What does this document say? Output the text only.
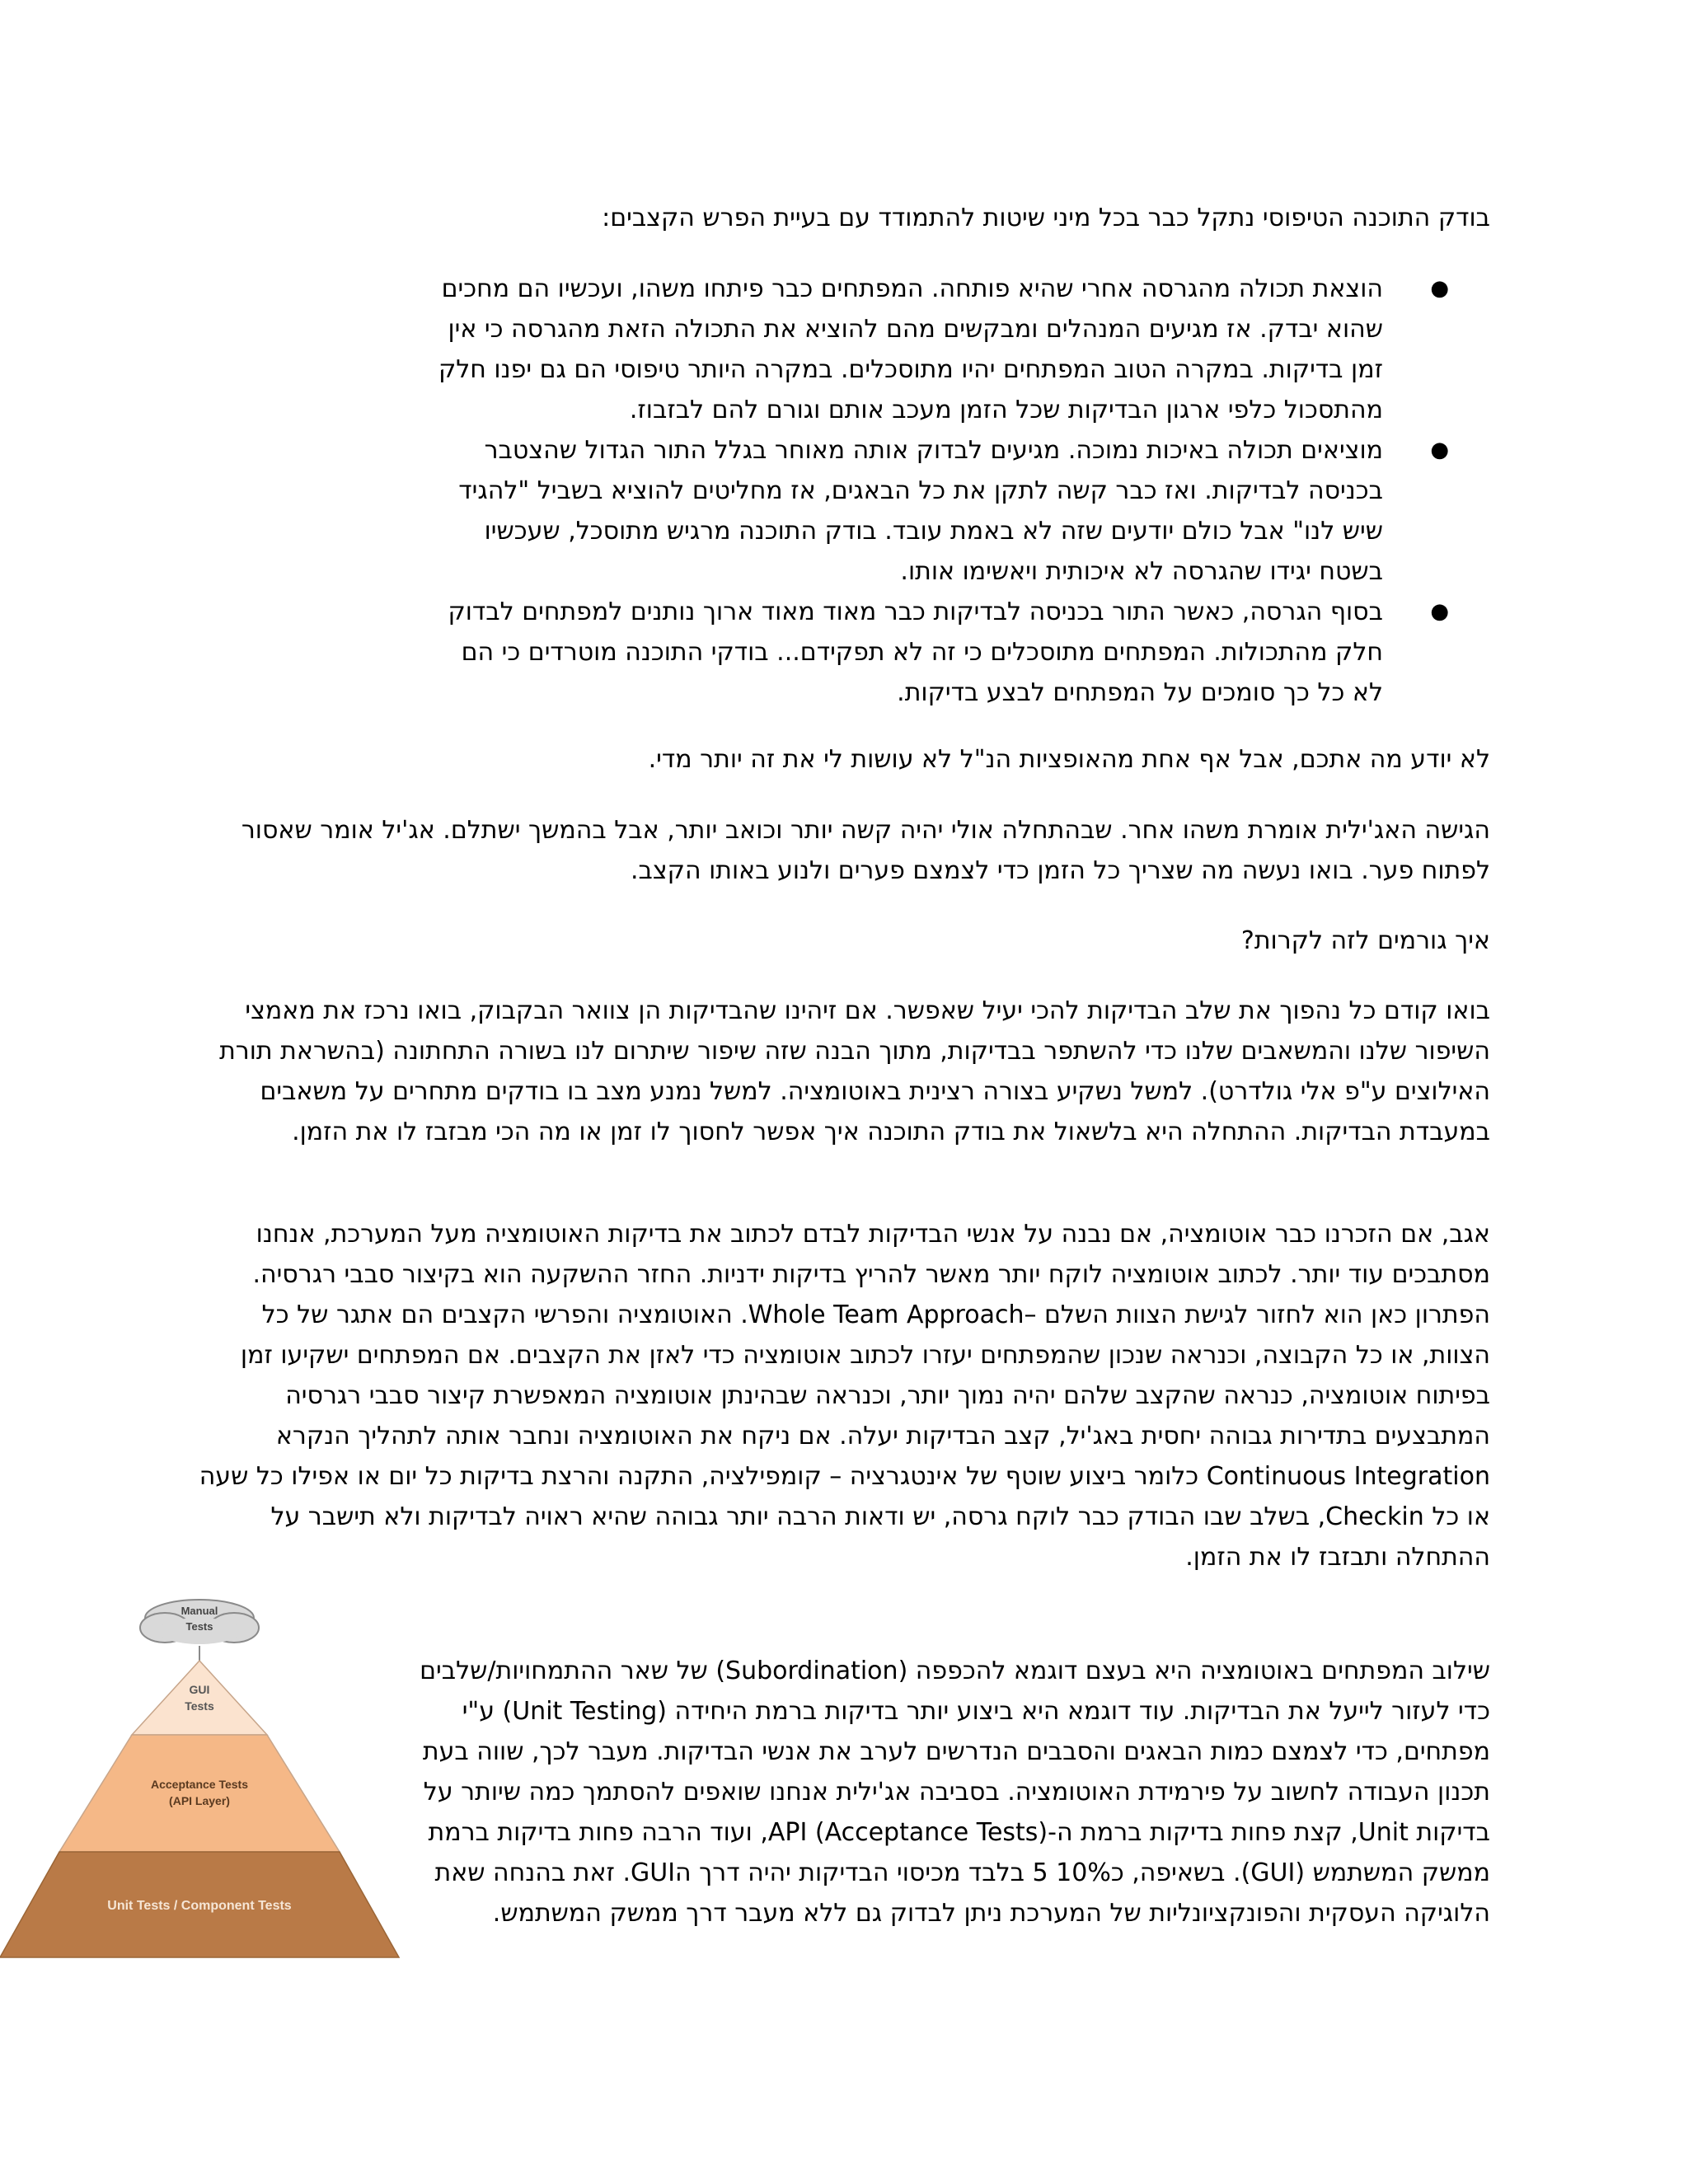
בודק התוכנה הטיפוסי נתקל כבר בכל מיני שיטות להתמודד עם בעיית הפרש הקצבים:

●
הוצאת תכולה מהגרסה אחרי שהיא פותחה. המפתחים כבר פיתחו משהו, ועכשיו הם מחכים שהוא יבדק. אז מגיעים המנהלים ומבקשים מהם להוציא את התכולה הזאת מהגרסה כי אין זמן בדיקות. במקרה הטוב המפתחים יהיו מתוסכלים. במקרה היותר טיפוסי הם גם יפנו חלק מהתסכול כלפי ארגון הבדיקות שכל הזמן מעכב אותם וגורם להם לבזבוז.
●
מוציאים תכולה באיכות נמוכה. מגיעים לבדוק אותה מאוחר בגלל התור הגדול שהצטבר בכניסה לבדיקות. ואז כבר קשה לתקן את כל הבאגים, אז מחליטים להוציא בשביל "להגיד שיש לנו" אבל כולם יודעים שזה לא באמת עובד. בודק התוכנה מרגיש מתוסכל, שעכשיו בשטח יגידו שהגרסה לא איכותית ויאשימו אותו.
●
בסוף הגרסה, כאשר התור בכניסה לבדיקות כבר מאוד מאוד ארוך נותנים למפתחים לבדוק חלק מהתכולות. המפתחים מתוסכלים כי זה לא תפקידם... בודקי התוכנה מוטרדים כי הם לא כל כך סומכים על המפתחים לבצע בדיקות.

לא יודע מה אתכם, אבל אף אחת מהאופציות הנ"ל לא עושות לי את זה יותר מדי.

הגישה האג'ילית אומרת משהו אחר. שבהתחלה אולי יהיה קשה יותר וכואב יותר, אבל בהמשך ישתלם. אג'יל אומר שאסור לפתוח פער. בואו נעשה מה שצריך כל הזמן כדי לצמצם פערים ולנוע באותו הקצב.

איך גורמים לזה לקרות?

בואו קודם כל נהפוך את שלב הבדיקות להכי יעיל שאפשר. אם זיהינו שהבדיקות הן צוואר הבקבוק, בואו נרכז את מאמצי השיפור שלנו והמשאבים שלנו כדי להשתפר בבדיקות, מתוך הבנה שזה שיפור שיתרום לנו בשורה התחתונה (בהשראת תורת האילוצים ע"פ אלי גולדרט). למשל נשקיע בצורה רצינית באוטומציה. למשל נמנע מצב בו בודקים מתחרים על משאבים במעבדת הבדיקות. ההתחלה היא בלשאול את בודק התוכנה איך אפשר לחסוך לו זמן או מה הכי מבזבז לו את הזמן.

אגב, אם הזכרנו כבר אוטומציה, אם נבנה על אנשי הבדיקות לבדם לכתוב את בדיקות האוטומציה מעל המערכת, אנחנו מסתבכים עוד יותר. לכתוב אוטומציה לוקח יותר מאשר להריץ בדיקות ידניות. החזר ההשקעה הוא בקיצור סבבי רגרסיה. הפתרון כאן הוא לחזור לגישת הצוות השלם –Whole Team Approach. האוטומציה והפרשי הקצבים הם אתגר של כל הצוות, או כל הקבוצה, וכנראה שנכון שהמפתחים יעזרו לכתוב אוטומציה כדי לאזן את הקצבים. אם המפתחים ישקיעו זמן בפיתוח אוטומציה, כנראה שהקצב שלהם יהיה נמוך יותר, וכנראה שבהינתן אוטומציה המאפשרת קיצור סבבי רגרסיה המתבצעים בתדירות גבוהה יחסית באג'יל, קצב הבדיקות יעלה. אם ניקח את האוטומציה ונחבר אותה לתהליך הנקרא Continuous Integration כלומר ביצוע שוטף של אינטגרציה – קומפילציה, התקנה והרצת בדיקות כל יום או אפילו כל שעה או כל Checkin, בשלב שבו הבודק כבר לוקח גרסה, יש ודאות הרבה יותר גבוהה שהיא ראויה לבדיקות ולא תישבר על ההתחלה ותבזבז לו את הזמן.

שילוב המפתחים באוטומציה היא בעצם דוגמא להכפפה (Subordination) של שאר ההתמחויות/שלבים כדי לעזור לייעל את הבדיקות. עוד דוגמא היא ביצוע יותר בדיקות ברמת היחידה (Unit Testing) ע"י מפתחים, כדי לצמצם כמות הבאגים והסבבים הנדרשים לערב את אנשי הבדיקות. מעבר לכך, שווה בעת תכנון העבודה לחשוב על פירמידת האוטומציה. בסביבה אג'ילית אנחנו שואפים להסתמך כמה שיותר על בדיקות Unit, קצת פחות בדיקות ברמת ה-API (Acceptance Tests), ועוד הרבה פחות בדיקות ברמת ממשק המשתמש (GUI). בשאיפה, כ10% 5 בלבד מכיסוי הבדיקות יהיה דרך הGUI. זאת בהנחה שאת הלוגיקה העסקית והפונקציונליות של המערכת ניתן לבדוק גם ללא מעבר דרך ממשק המשתמש.

Manual
Tests
GUI
Tests
Acceptance Tests
(API Layer)
Unit Tests / Component Tests
